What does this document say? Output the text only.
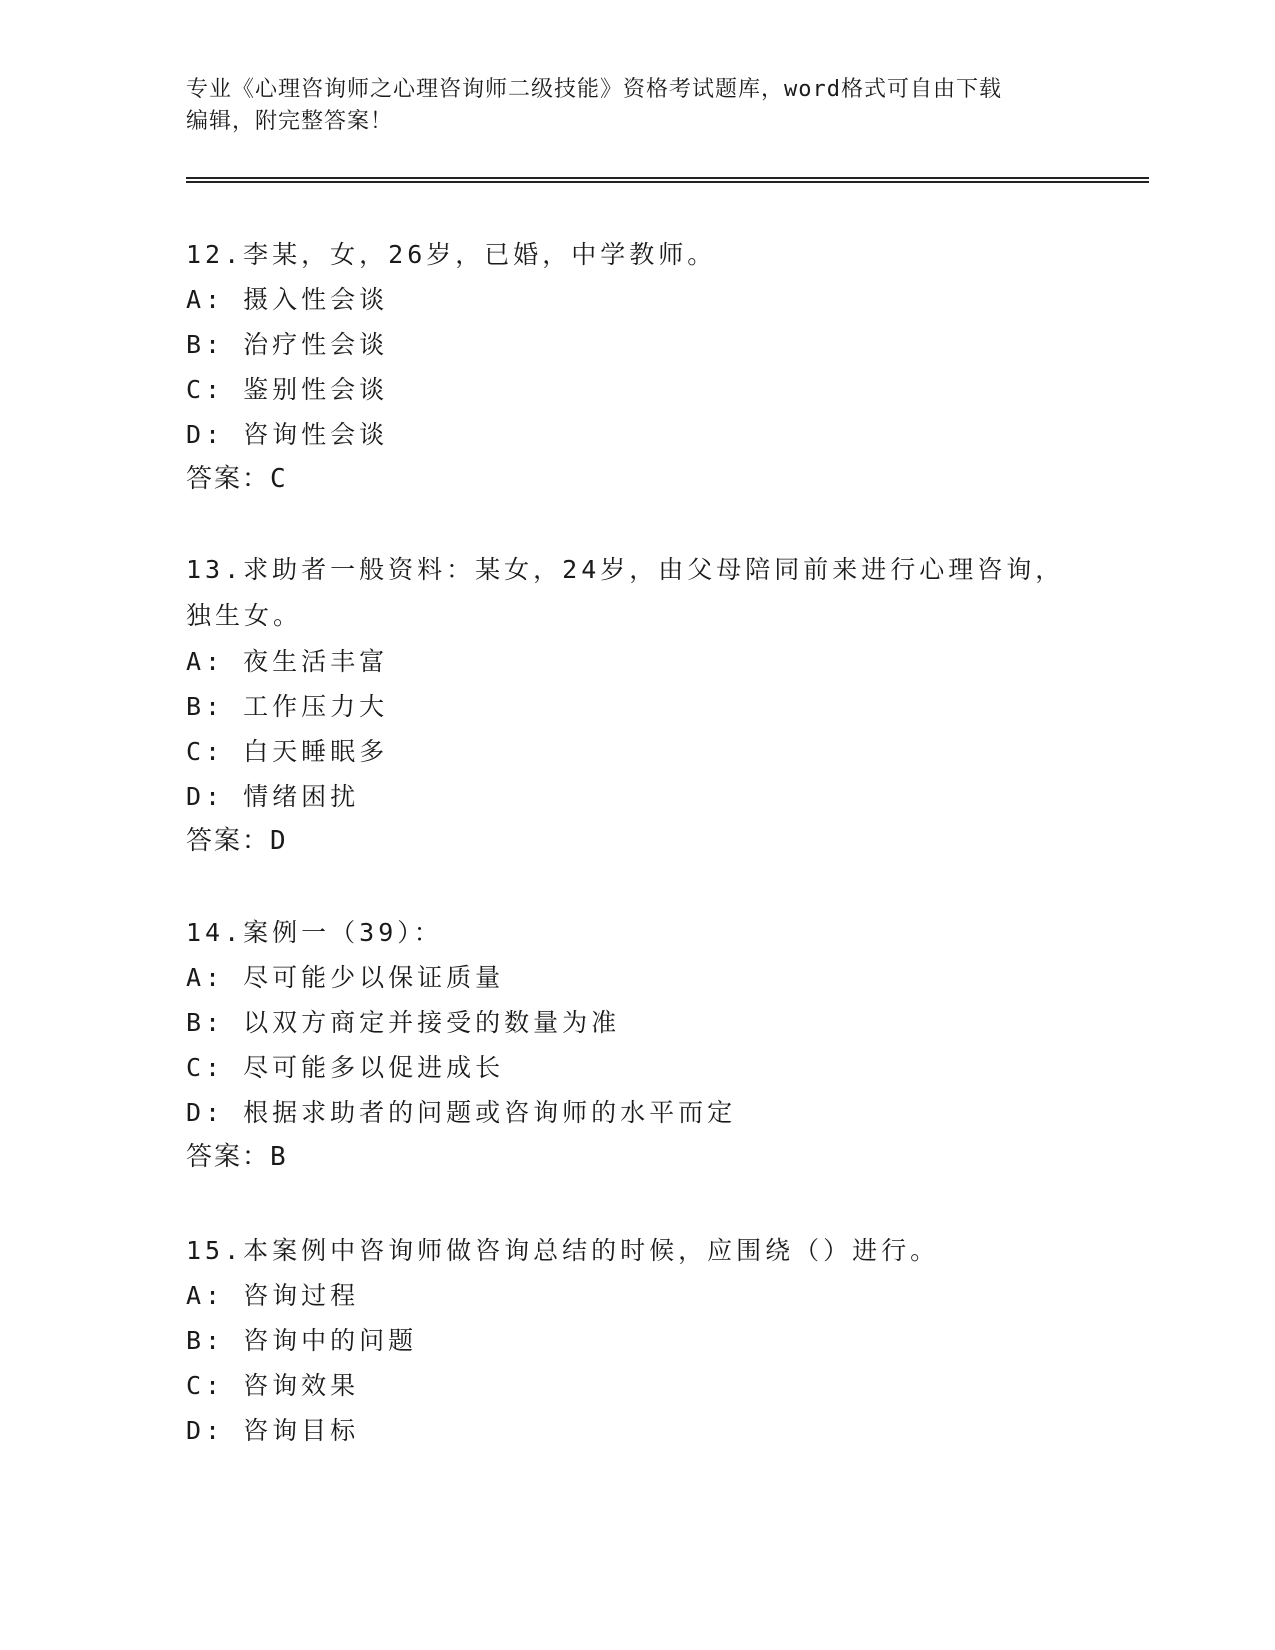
专业《心理咨询师之心理咨询师二级技能》资格考试题库，word格式可自由下载
编辑，附完整答案！
12.李某，女，26岁，已婚，中学教师。
A: 摄入性会谈
B: 治疗性会谈
C: 鉴别性会谈
D: 咨询性会谈
答案：C
13.求助者一般资料：某女，24岁，由父母陪同前来进行心理咨询，独生女。
A: 夜生活丰富
B: 工作压力大
C: 白天睡眠多
D: 情绪困扰
答案：D
14.案例一（39）：
A: 尽可能少以保证质量
B: 以双方商定并接受的数量为准
C: 尽可能多以促进成长
D: 根据求助者的问题或咨询师的水平而定
答案：B
15.本案例中咨询师做咨询总结的时候，应围绕（）进行。
A: 咨询过程
B: 咨询中的问题
C: 咨询效果
D: 咨询目标
